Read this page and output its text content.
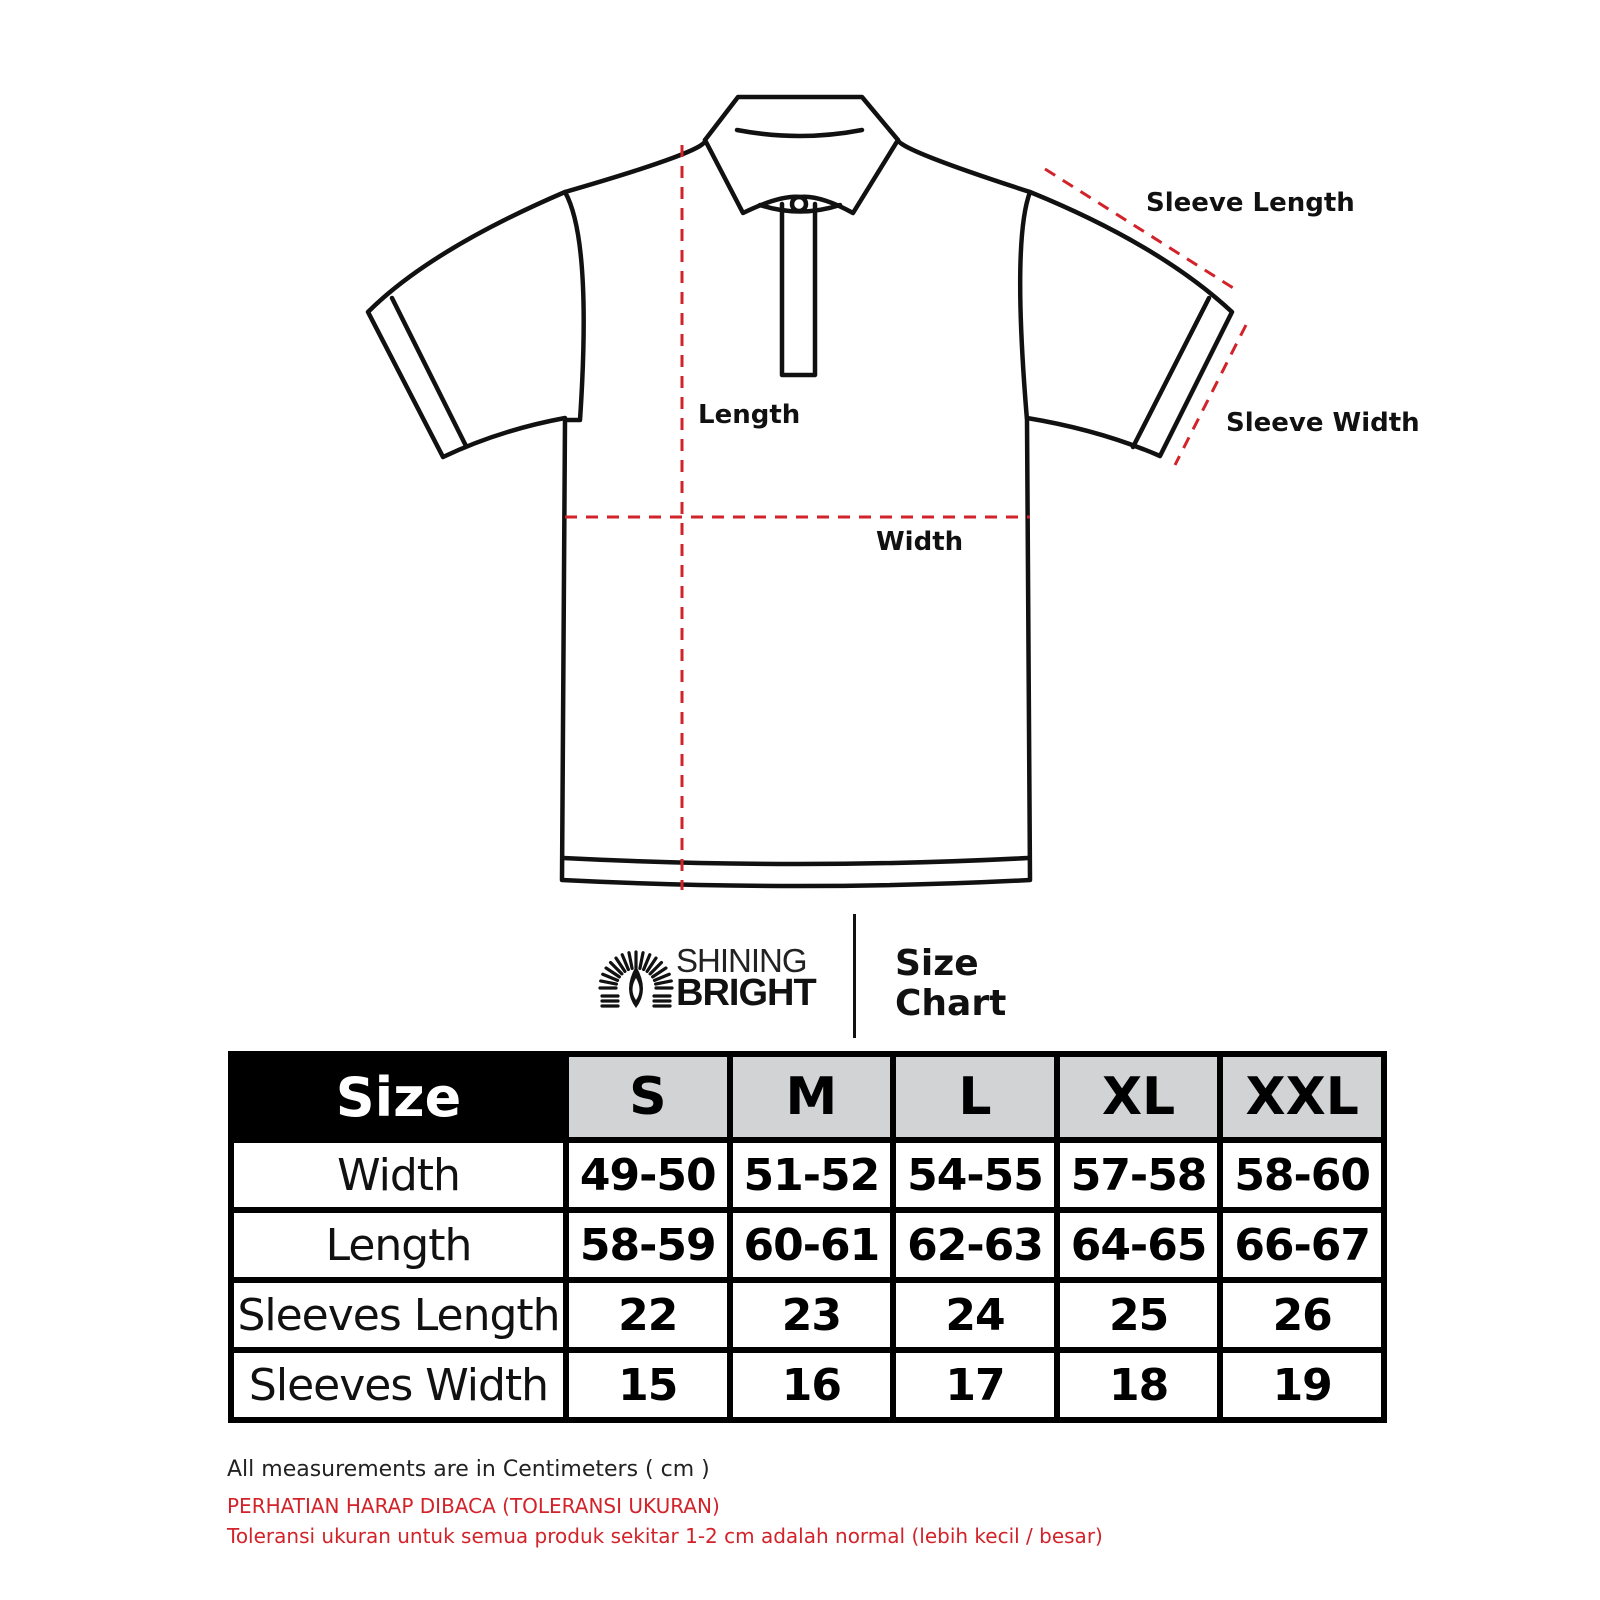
Sleeve Length
Sleeve Width
Length
Width
SHINING
BRIGHT
Size
Chart
Size	S	M	L	XL	XXL
Width	49-50	51-52	54-55	57-58	58-60
Length	58-59	60-61	62-63	64-65	66-67
Sleeves Length	22	23	24	25	26
Sleeves Width	15	16	17	18	19
All measurements are in Centimeters ( cm )
PERHATIAN HARAP DIBACA (TOLERANSI UKURAN)
Toleransi ukuran untuk semua produk sekitar 1-2 cm adalah normal (lebih kecil / besar)
